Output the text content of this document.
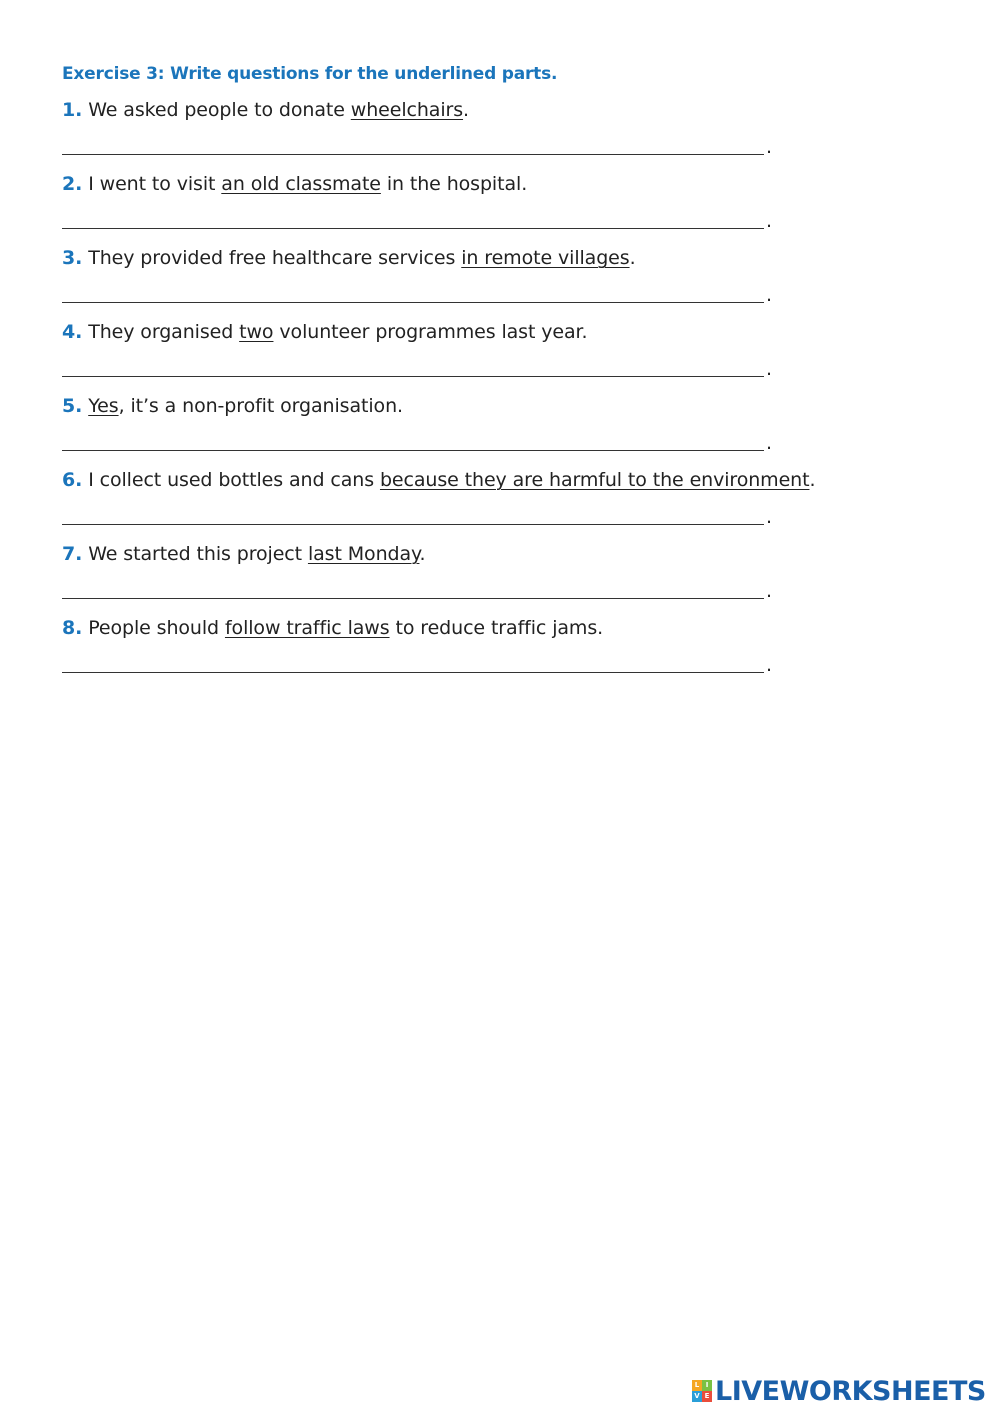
Exercise 3: Write questions for the underlined parts.
1. We asked people to donate wheelchairs.
.
2. I went to visit an old classmate in the hospital.
.
3. They provided free healthcare services in remote villages.
.
4. They organised two volunteer programmes last year.
.
5. Yes, it’s a non-profit organisation.
.
6. I collect used bottles and cans because they are harmful to the environment.
.
7. We started this project last Monday.
.
8. People should follow traffic laws to reduce traffic jams.
.
L I
V E LIVEWORKSHEETS
